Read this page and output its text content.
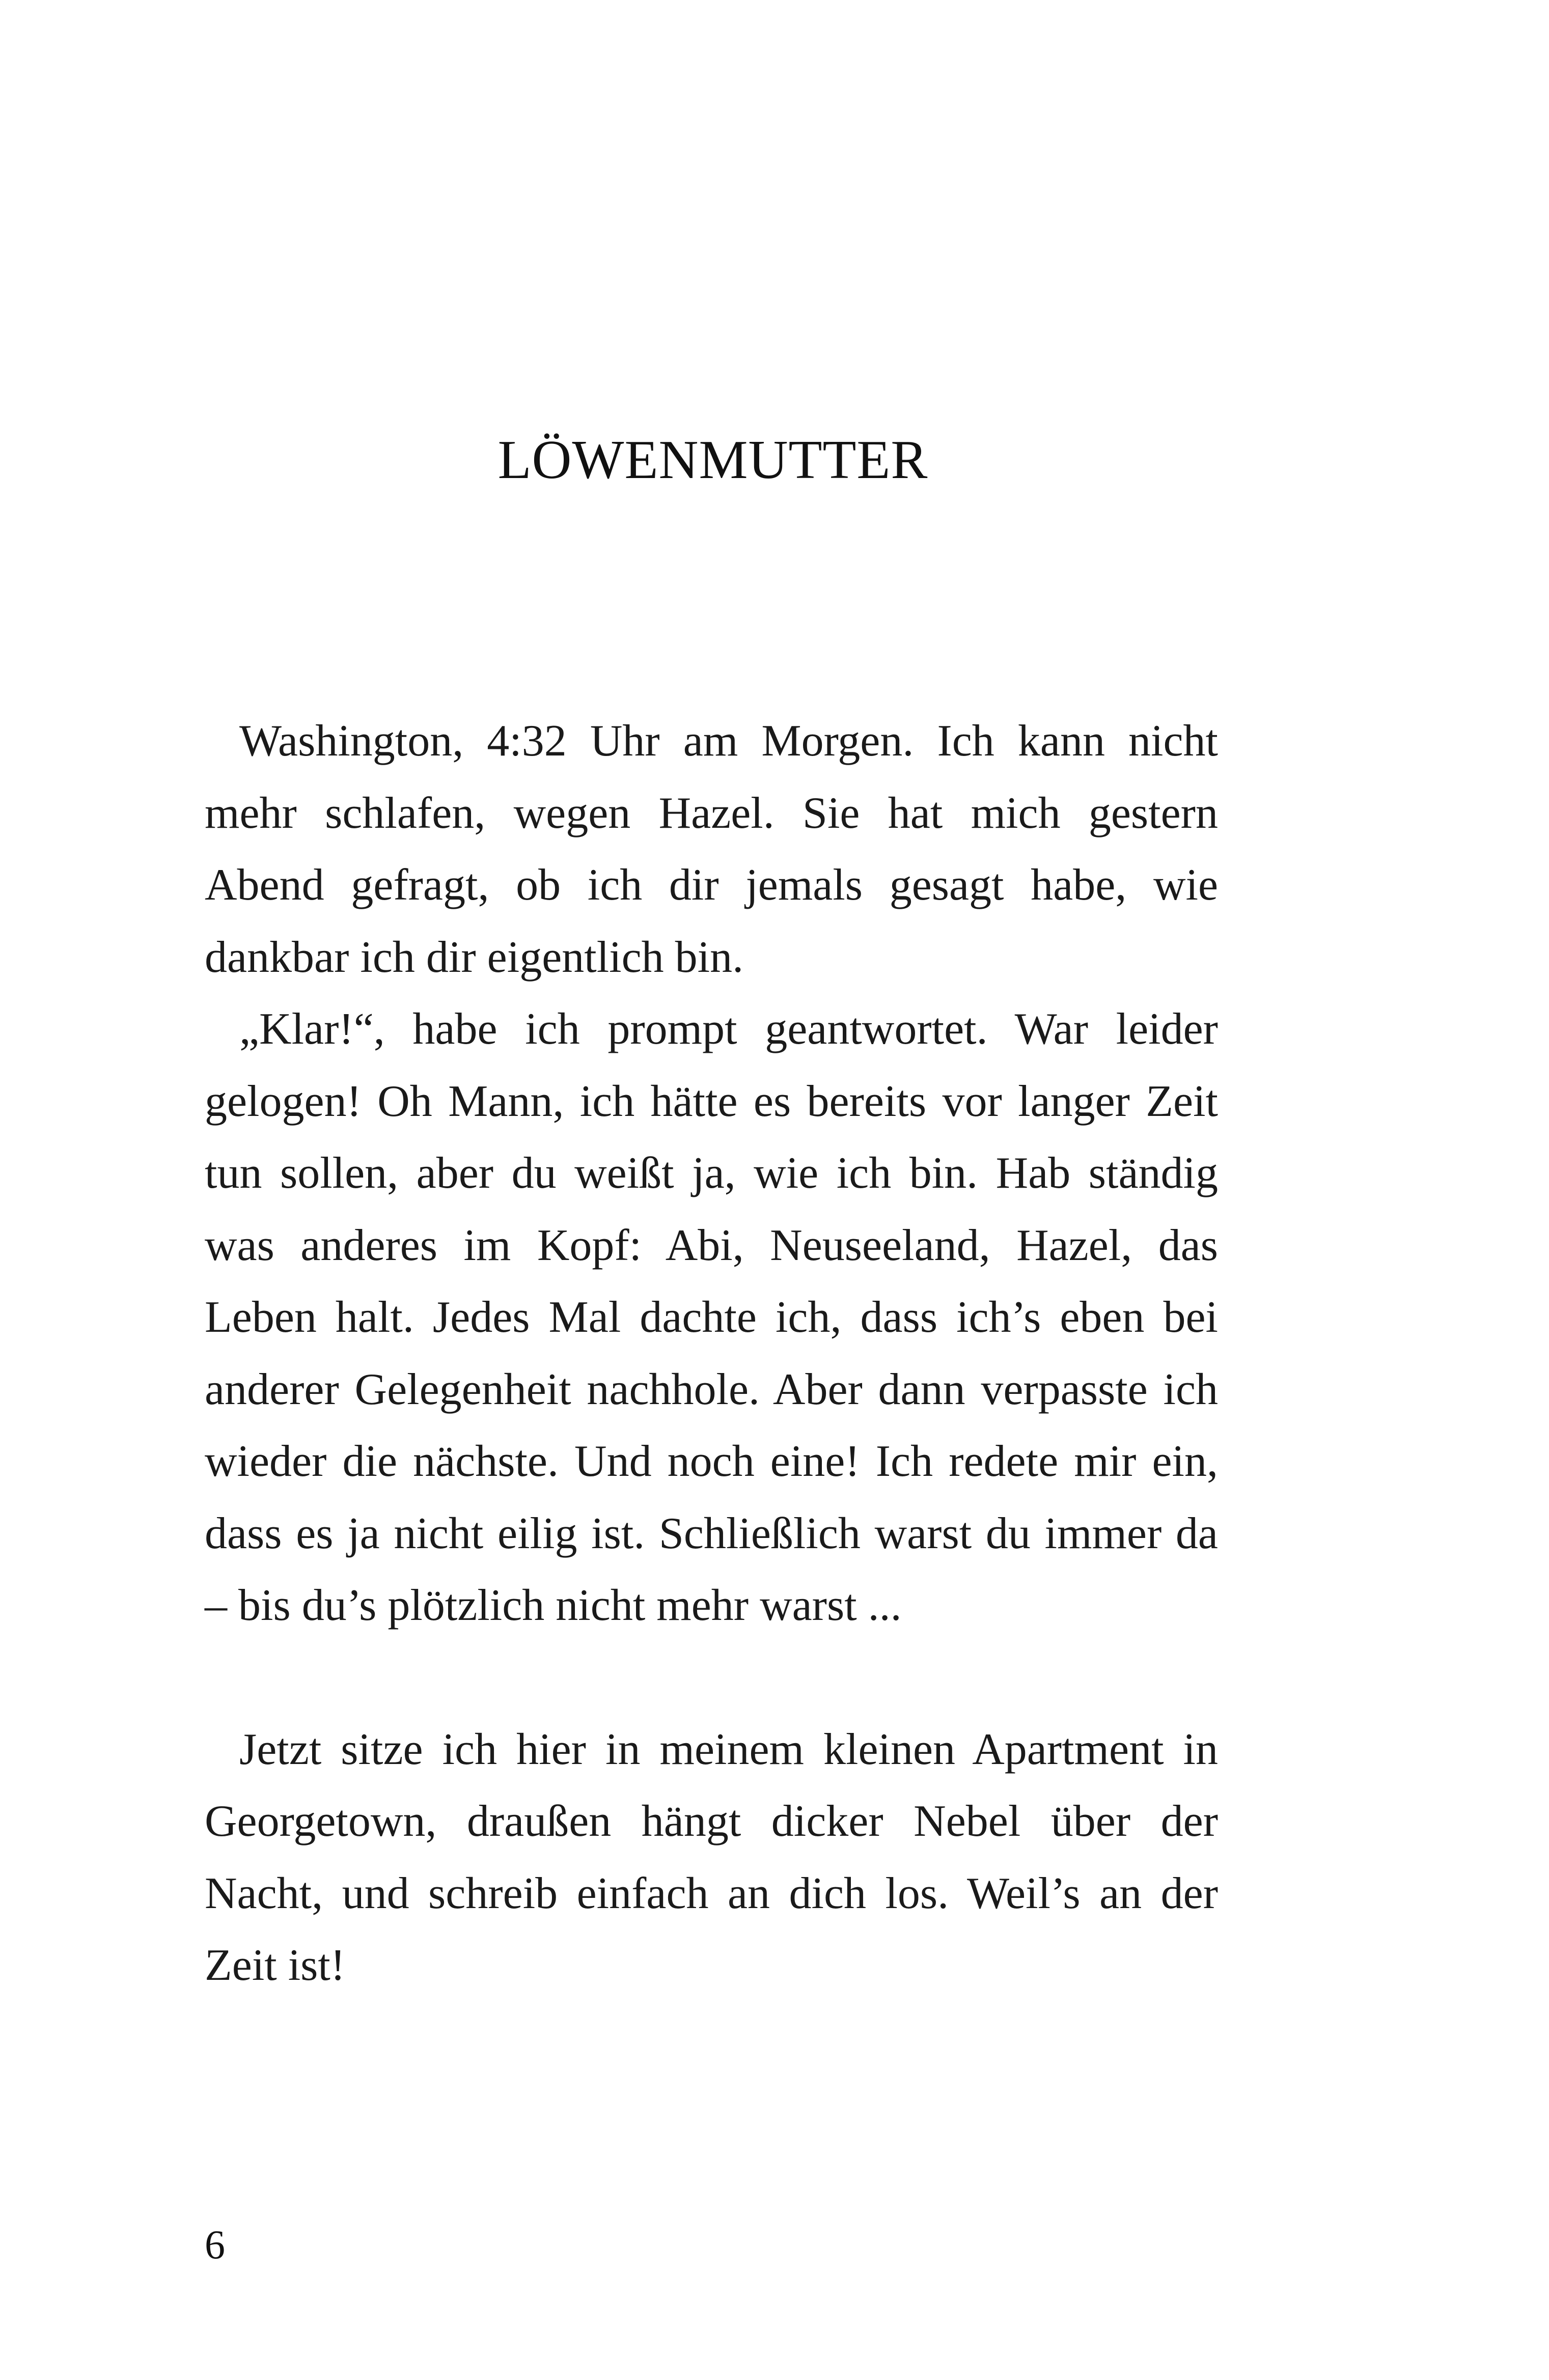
LÖWENMUTTER

Washington, 4:32 Uhr am Morgen. Ich kann nicht mehr schlafen, wegen Hazel. Sie hat mich gestern Abend gefragt, ob ich dir jemals gesagt habe, wie dankbar ich dir eigentlich bin.

„Klar!“, habe ich prompt geantwortet. War leider gelogen! Oh Mann, ich hätte es bereits vor langer Zeit tun sollen, aber du weißt ja, wie ich bin. Hab ständig was anderes im Kopf: Abi, Neuseeland, Hazel, das Leben halt. Jedes Mal dachte ich, dass ich’s eben bei anderer Gelegenheit nachhole. Aber dann verpasste ich wieder die nächste. Und noch eine! Ich redete mir ein, dass es ja nicht eilig ist. Schließlich warst du immer da – bis du’s plötzlich nicht mehr warst ...

Jetzt sitze ich hier in meinem kleinen Apartment in Georgetown, draußen hängt dicker Nebel über der Nacht, und schreib einfach an dich los. Weil’s an der Zeit ist!

6
